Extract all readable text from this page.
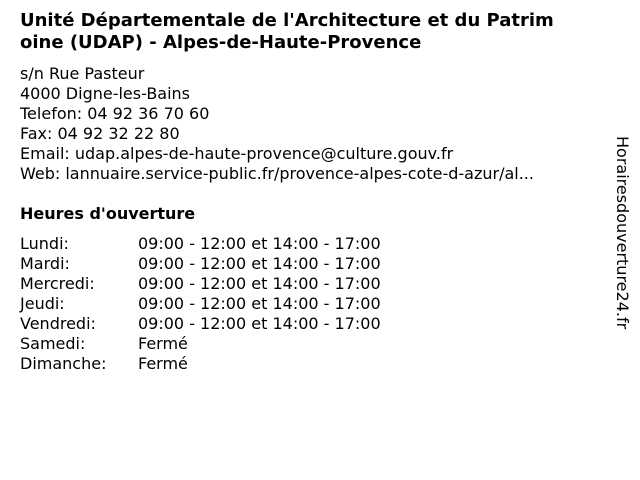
Unité Départementale de l'Architecture et du Patrim
oine (UDAP) - Alpes-de-Haute-Provence
s/n Rue Pasteur
4000 Digne-les-Bains
Telefon: 04 92 36 70 60
Fax: 04 92 32 22 80
Email: udap.alpes-de-haute-provence@culture.gouv.fr
Web: lannuaire.service-public.fr/provence-alpes-cote-d-azur/al...
Heures d'ouverture
Lundi:	09:00 - 12:00 et 14:00 - 17:00
Mardi:	09:00 - 12:00 et 14:00 - 17:00
Mercredi:	09:00 - 12:00 et 14:00 - 17:00
Jeudi:	09:00 - 12:00 et 14:00 - 17:00
Vendredi:	09:00 - 12:00 et 14:00 - 17:00
Samedi:	Fermé
Dimanche: Fermé
Horairesdouverture24.fr
